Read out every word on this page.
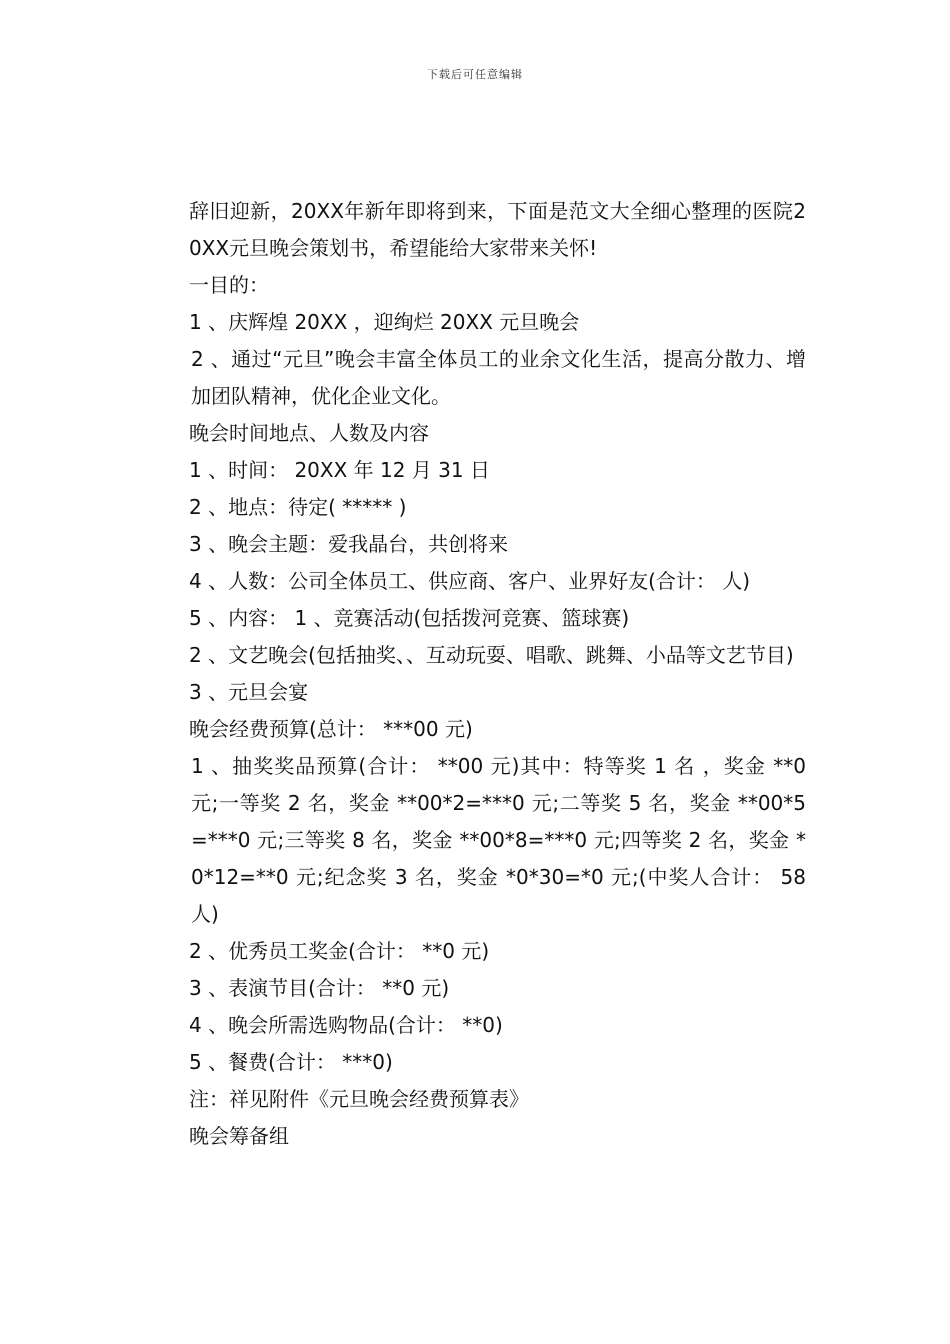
下载后可任意编辑

辞旧迎新，20XX年新年即将到来，下面是范文大全细心整理的医院20XX元旦晚会策划书，希望能给大家带来关怀!

一目的：

1 、庆辉煌 20XX ，迎绚烂 20XX 元旦晚会

2 、通过“元旦”晚会丰富全体员工的业余文化生活，提高分散力、增加团队精神，优化企业文化。

晚会时间地点、人数及内容

1 、时间： 20XX 年 12 月 31 日

2 、地点：待定( ***** )

3 、晚会主题：爱我晶台，共创将来

4 、人数：公司全体员工、供应商、客户、业界好友(合计： 人)

5 、内容： 1 、竞赛活动(包括拨河竞赛、篮球赛)

2 、文艺晚会(包括抽奖、、互动玩耍、唱歌、跳舞、小品等文艺节目)

3 、元旦会宴

晚会经费预算(总计： ***00 元)

1 、抽奖奖品预算(合计： **00 元)其中：特等奖 1 名 ，奖金 **0 元;一等奖 2 名，奖金 **00*2=***0 元;二等奖 5 名，奖金 **00*5=***0 元;三等奖 8 名，奖金 **00*8=***0 元;四等奖 2 名，奖金 *0*12=**0 元;纪念奖 3 名，奖金 *0*30=*0 元;(中奖人合计： 58 人)

2 、优秀员工奖金(合计： **0 元)

3 、表演节目(合计： **0 元)

4 、晚会所需选购物品(合计： **0)

5 、餐费(合计： ***0)

注：祥见附件《元旦晚会经费预算表》

晚会筹备组
